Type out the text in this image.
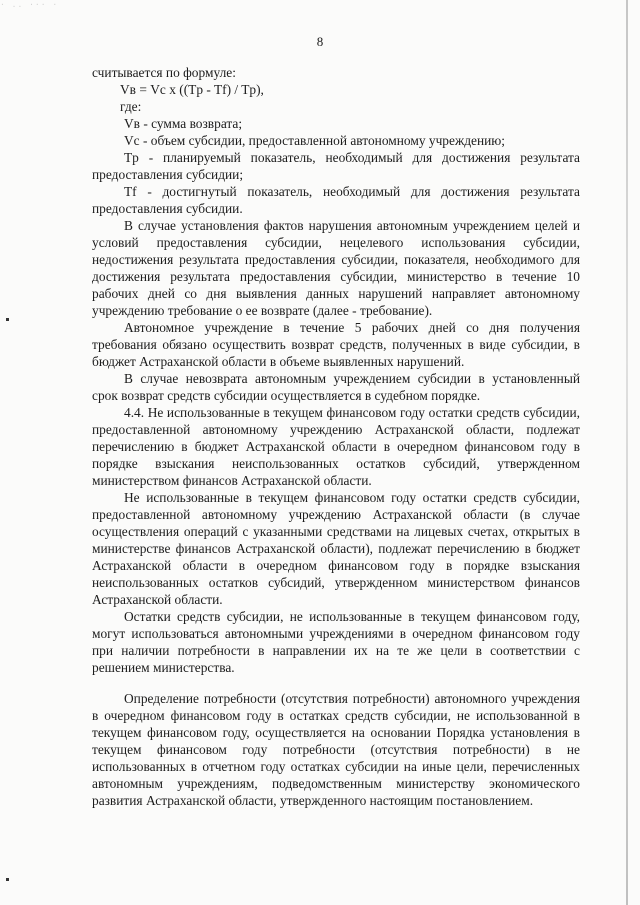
· .. ··· ·
8

считывается по формуле:

Vв = Vc x ((Tp - Tf) / Tp),

где:

Vв - сумма возврата;

Vc - объем субсидии, предоставленной автономному учреждению;

Tp - планируемый показатель, необходимый для достижения результата предоставления субсидии;

Tf - достигнутый показатель, необходимый для достижения результата предоставления субсидии.

В случае установления фактов нарушения автономным учреждением целей и условий предоставления субсидии, нецелевого использования субсидии, недостижения результата предоставления субсидии, показателя, необходимого для достижения результата предоставления субсидии, министерство в течение 10 рабочих дней со дня выявления данных нарушений направляет автономному учреждению требование о ее возврате (далее - требование).

Автономное учреждение в течение 5 рабочих дней со дня получения требования обязано осуществить возврат средств, полученных в виде субсидии, в бюджет Астраханской области в объеме выявленных нарушений.

В случае невозврата автономным учреждением субсидии в установленный срок возврат средств субсидии осуществляется в судебном порядке.

4.4. Не использованные в текущем финансовом году остатки средств субсидии, предоставленной автономному учреждению Астраханской области, подлежат перечислению в бюджет Астраханской области в очередном финансовом году в порядке взыскания неиспользованных остатков субсидий, утвержденном министерством финансов Астраханской области.

Не использованные в текущем финансовом году остатки средств субсидии, предоставленной автономному учреждению Астраханской области (в случае осуществления операций с указанными средствами на лицевых счетах, открытых в министерстве финансов Астраханской области), подлежат перечислению в бюджет Астраханской области в очередном финансовом году в порядке взыскания неиспользованных остатков субсидий, утвержденном министерством финансов Астраханской области.

Остатки средств субсидии, не использованные в текущем финансовом году, могут использоваться автономными учреждениями в очередном финансовом году при наличии потребности в направлении их на те же цели в соответствии с решением министерства.

Определение потребности (отсутствия потребности) автономного учреждения в очередном финансовом году в остатках средств субсидии, не использованной в текущем финансовом году, осуществляется на основании Порядка установления в текущем финансовом году потребности (отсутствия потребности) в не использованных в отчетном году остатках субсидии на иные цели, перечисленных автономным учреждениям, подведомственным министерству экономического развития Астраханской области, утвержденного настоящим постановлением.
